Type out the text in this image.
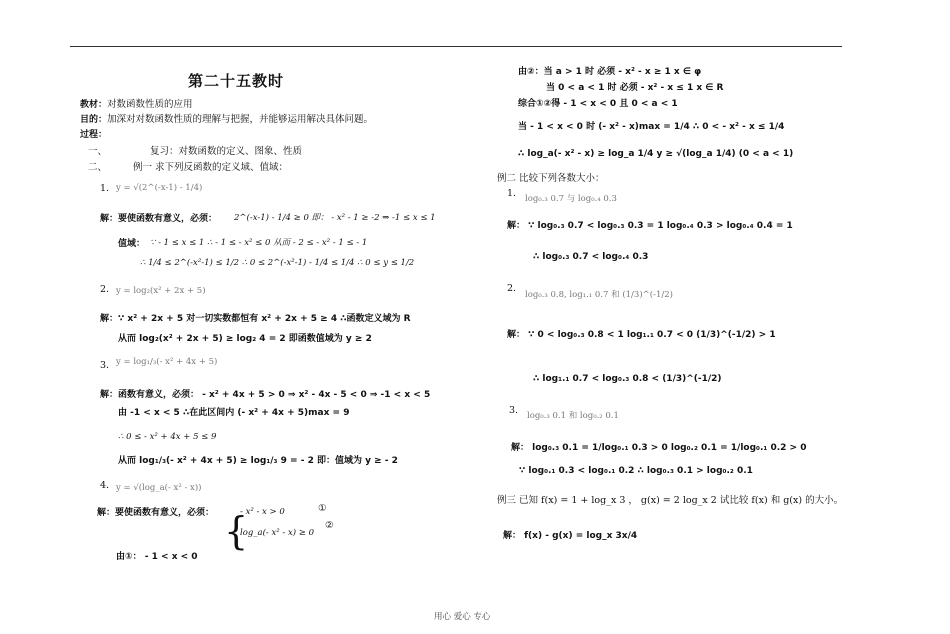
第二十五教时
教材：对数函数性质的应用
目的：加深对对数函数性质的理解与把握，并能够运用解决具体问题。
过程：
一、	复习：对数函数的定义、图象、性质
二、	例一 求下列反函数的定义域、值域：
1. y = √(2^(-x-1) - 1/4)
解：要使函数有意义，必须： 2^(-x-1) - 1/4 ≥ 0 即： - x² - 1 ≥ -2 ⇒ -1 ≤ x ≤ 1
值域： ∵ - 1 ≤ x ≤ 1 ∴ - 1 ≤ - x² ≤ 0 从而 - 2 ≤ - x² - 1 ≤ - 1
∴ 1/4 ≤ 2^(-x²-1) ≤ 1/2 ∴ 0 ≤ 2^(-x²-1) - 1/4 ≤ 1/4 ∴ 0 ≤ y ≤ 1/2
2. y = log₂(x² + 2x + 5)
解：∵ x² + 2x + 5 对一切实数都恒有 x² + 2x + 5 ≥ 4 ∴函数定义域为 R
从而 log₂(x² + 2x + 5) ≥ log₂ 4 = 2 即函数值域为 y ≥ 2
3. y = log₁/₃(- x² + 4x + 5)
解：函数有意义，必须： - x² + 4x + 5 > 0 ⇒ x² - 4x - 5 < 0 ⇒ -1 < x < 5
由 -1 < x < 5 ∴在此区间内 (- x² + 4x + 5)max = 9
∴ 0 ≤ - x² + 4x + 5 ≤ 9
从而 log₁/₃(- x² + 4x + 5) ≥ log₁/₃ 9 = - 2 即：值域为 y ≥ - 2
4. y = √(log_a(- x² - x))
解：要使函数有意义，必须： {
- x² - x > 0	①
log_a(- x² - x) ≥ 0
②
由①： - 1 < x < 0
由②：当 a > 1 时 必须 - x² - x ≥ 1 x ∈ φ
当 0 < a < 1 时 必须 - x² - x ≤ 1 x ∈ R
综合①②得 - 1 < x < 0 且 0 < a < 1
当 - 1 < x < 0 时 (- x² - x)max = 1/4 ∴ 0 < - x² - x ≤ 1/4
∴ log_a(- x² - x) ≥ log_a 1/4 y ≥ √(log_a 1/4) (0 < a < 1)
例二 比较下列各数大小：
1. log₀.₃ 0.7 与 log₀.₄ 0.3
解： ∵ log₀.₃ 0.7 < log₀.₃ 0.3 = 1 log₀.₄ 0.3 > log₀.₄ 0.4 = 1
∴ log₀.₃ 0.7 < log₀.₄ 0.3
2.
log₀.₃ 0.8, log₁.₁ 0.7 和 (1/3)^(-1/2)
解： ∵ 0 < log₀.₃ 0.8 < 1 log₁.₁ 0.7 < 0 (1/3)^(-1/2) > 1
∴ log₁.₁ 0.7 < log₀.₃ 0.8 < (1/3)^(-1/2)
3. log₀.₃ 0.1 和 log₀.₂ 0.1
解： log₀.₃ 0.1 = 1/log₀.₁ 0.3 > 0 log₀.₂ 0.1 = 1/log₀.₁ 0.2 > 0
∵ log₀.₁ 0.3 < log₀.₁ 0.2 ∴ log₀.₃ 0.1 > log₀.₂ 0.1
例三 已知 f(x) = 1 + log_x 3 ， g(x) = 2 log_x 2 试比较 f(x) 和 g(x) 的大小。
解： f(x) - g(x) = log_x 3x/4
用心 爱心 专心
